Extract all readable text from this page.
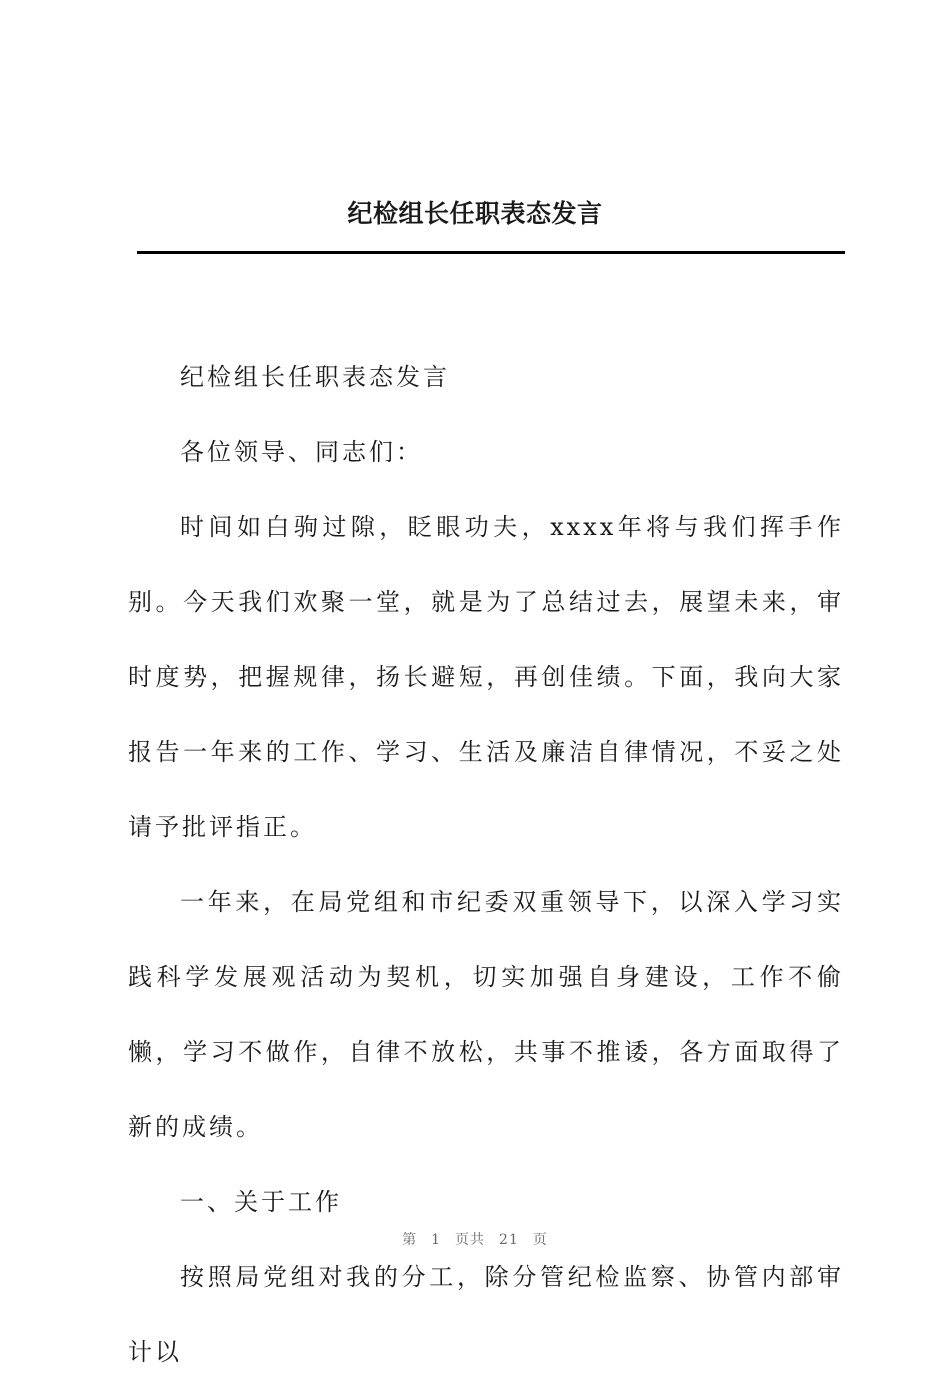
纪检组长任职表态发言

纪检组长任职表态发言

各位领导、同志们：

时间如白驹过隙，眨眼功夫，xxxx年将与我们挥手作别。今天我们欢聚一堂，就是为了总结过去，展望未来，审时度势，把握规律，扬长避短，再创佳绩。下面，我向大家报告一年来的工作、学习、生活及廉洁自律情况，不妥之处请予批评指正。

一年来，在局党组和市纪委双重领导下，以深入学习实践科学发展观活动为契机，切实加强自身建设，工作不偷懒，学习不做作，自律不放松，共事不推诿，各方面取得了新的成绩。

一、关于工作

按照局党组对我的分工，除分管纪检监察、协管内部审计以

第 1 页共 21 页
